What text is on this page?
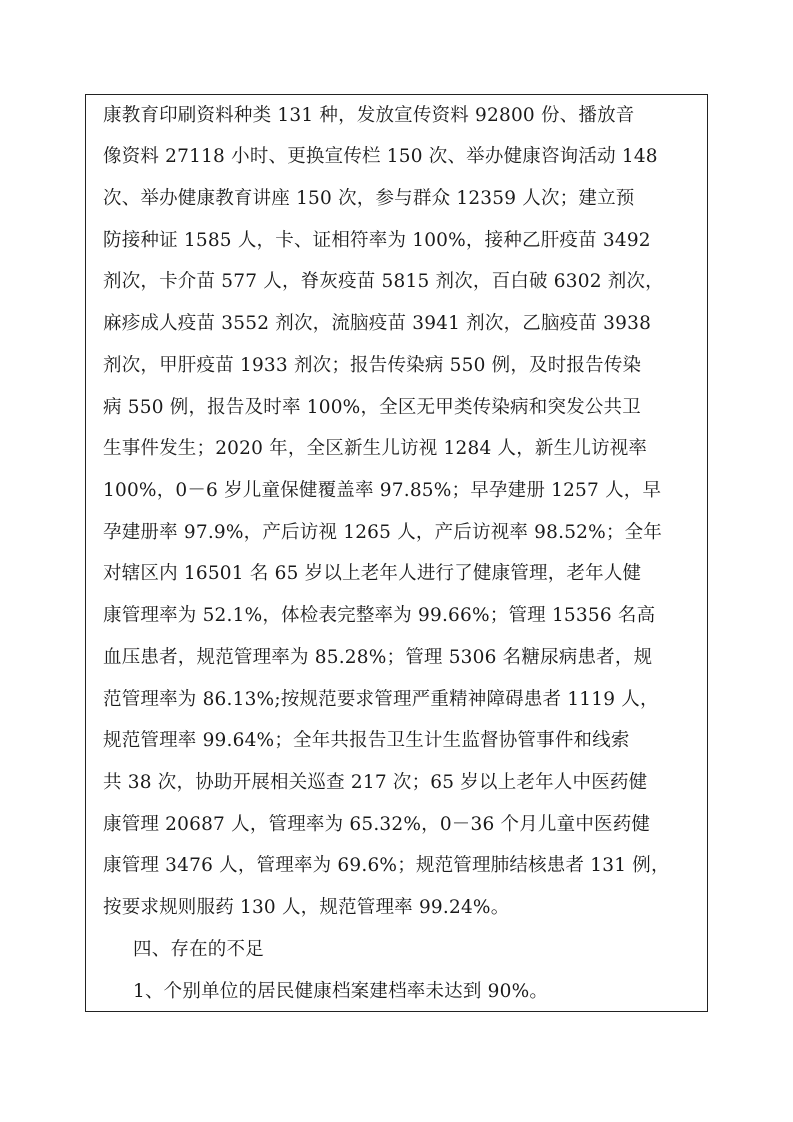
康教育印刷资料种类 131 种，发放宣传资料 92800 份、播放音
像资料 27118 小时、更换宣传栏 150 次、举办健康咨询活动 148
次、举办健康教育讲座 150 次，参与群众 12359 人次；建立预
防接种证 1585 人，卡、证相符率为 100%，接种乙肝疫苗 3492
剂次，卡介苗 577 人，脊灰疫苗 5815 剂次，百白破 6302 剂次，
麻疹成人疫苗 3552 剂次，流脑疫苗 3941 剂次，乙脑疫苗 3938
剂次，甲肝疫苗 1933 剂次；报告传染病 550 例，及时报告传染
病 550 例，报告及时率 100%，全区无甲类传染病和突发公共卫
生事件发生；2020 年，全区新生儿访视 1284 人，新生儿访视率
100%，0－6 岁儿童保健覆盖率 97.85%；早孕建册 1257 人，早
孕建册率 97.9%，产后访视 1265 人，产后访视率 98.52%；全年
对辖区内 16501 名 65 岁以上老年人进行了健康管理，老年人健
康管理率为 52.1%，体检表完整率为 99.66%；管理 15356 名高
血压患者，规范管理率为 85.28%；管理 5306 名糖尿病患者，规
范管理率为 86.13%;按规范要求管理严重精神障碍患者 1119 人，
规范管理率 99.64%；全年共报告卫生计生监督协管事件和线索
共 38 次，协助开展相关巡查 217 次；65 岁以上老年人中医药健
康管理 20687 人，管理率为 65.32%，0－36 个月儿童中医药健
康管理 3476 人，管理率为 69.6%；规范管理肺结核患者 131 例，
按要求规则服药 130 人，规范管理率 99.24%。
四、存在的不足
1、个别单位的居民健康档案建档率未达到 90%。
